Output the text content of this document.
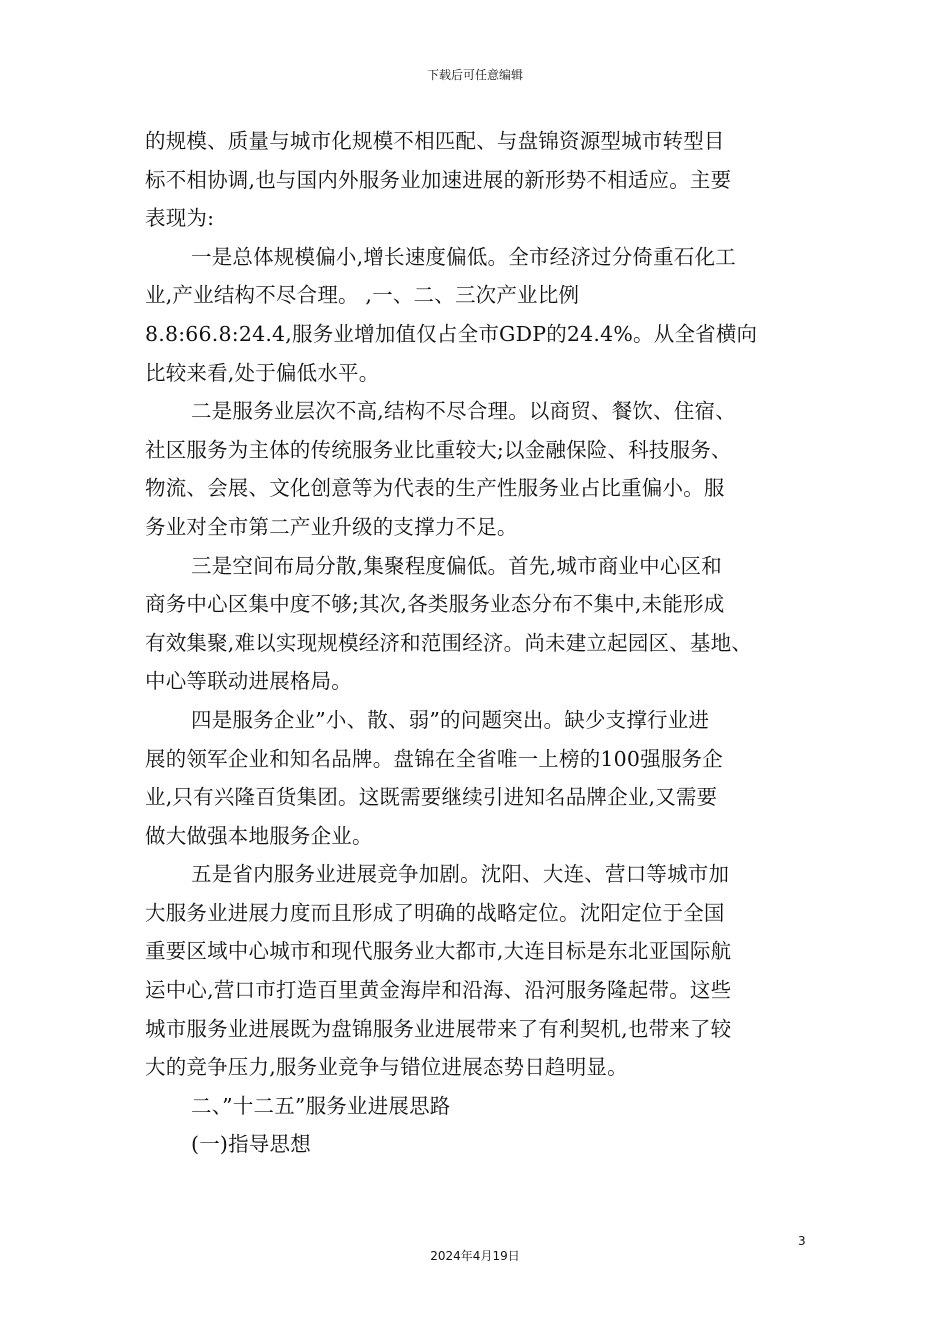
下载后可任意编辑
的规模、质量与城市化规模不相匹配、与盘锦资源型城市转型目
标不相协调,也与国内外服务业加速进展的新形势不相适应。主要
表现为:
一是总体规模偏小,增长速度偏低。全市经济过分倚重石化工
业,产业结构不尽合理。 ,一、二、三次产业比例
8.8:66.8:24.4,服务业增加值仅占全市GDP的24.4%。从全省横向
比较来看,处于偏低水平。
二是服务业层次不高,结构不尽合理。以商贸、餐饮、住宿、
社区服务为主体的传统服务业比重较大;以金融保险、科技服务、
物流、会展、文化创意等为代表的生产性服务业占比重偏小。服
务业对全市第二产业升级的支撑力不足。
三是空间布局分散,集聚程度偏低。首先,城市商业中心区和
商务中心区集中度不够;其次,各类服务业态分布不集中,未能形成
有效集聚,难以实现规模经济和范围经济。尚未建立起园区、基地、
中心等联动进展格局。
四是服务企业”小、散、弱”的问题突出。缺少支撑行业进
展的领军企业和知名品牌。盘锦在全省唯一上榜的100强服务企
业,只有兴隆百货集团。这既需要继续引进知名品牌企业,又需要
做大做强本地服务企业。
五是省内服务业进展竞争加剧。沈阳、大连、营口等城市加
大服务业进展力度而且形成了明确的战略定位。沈阳定位于全国
重要区域中心城市和现代服务业大都市,大连目标是东北亚国际航
运中心,营口市打造百里黄金海岸和沿海、沿河服务隆起带。这些
城市服务业进展既为盘锦服务业进展带来了有利契机,也带来了较
大的竞争压力,服务业竞争与错位进展态势日趋明显。
二、”十二五”服务业进展思路
(一)指导思想
3
2024年4月19日
